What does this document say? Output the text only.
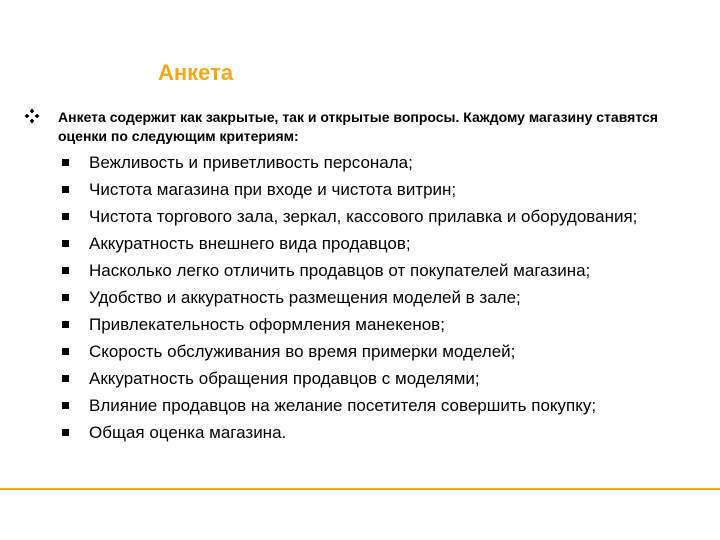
Анкета
Анкета содержит как закрытые, так и открытые вопросы. Каждому магазину ставятся оценки по следующим критериям:
Вежливость и приветливость персонала;
Чистота магазина при входе и чистота витрин;
Чистота торгового зала, зеркал, кассового прилавка и оборудования;
Аккуратность внешнего вида продавцов;
Насколько легко отличить продавцов от покупателей магазина;
Удобство и аккуратность размещения моделей в зале;
Привлекательность оформления манекенов;
Скорость обслуживания во время примерки моделей;
Аккуратность обращения продавцов с моделями;
Влияние продавцов на желание посетителя совершить покупку;
Общая оценка магазина.
